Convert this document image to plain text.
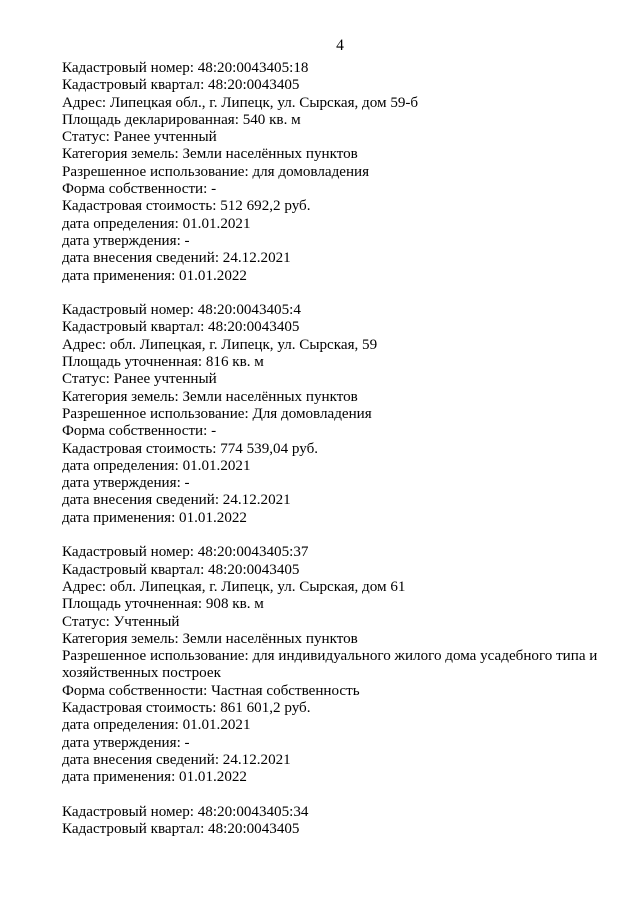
4
Кадастровый номер: 48:20:0043405:18
Кадастровый квартал: 48:20:0043405
Адрес: Липецкая обл., г. Липецк, ул. Сырская, дом 59-б
Площадь декларированная: 540 кв. м
Статус: Ранее учтенный
Категория земель: Земли населённых пунктов
Разрешенное использование: для домовладения
Форма собственности: -
Кадастровая стоимость: 512 692,2 руб.
дата определения: 01.01.2021
дата утверждения: -
дата внесения сведений: 24.12.2021
дата применения: 01.01.2022
Кадастровый номер: 48:20:0043405:4
Кадастровый квартал: 48:20:0043405
Адрес: обл. Липецкая, г. Липецк, ул. Сырская, 59
Площадь уточненная: 816 кв. м
Статус: Ранее учтенный
Категория земель: Земли населённых пунктов
Разрешенное использование: Для домовладения
Форма собственности: -
Кадастровая стоимость: 774 539,04 руб.
дата определения: 01.01.2021
дата утверждения: -
дата внесения сведений: 24.12.2021
дата применения: 01.01.2022
Кадастровый номер: 48:20:0043405:37
Кадастровый квартал: 48:20:0043405
Адрес: обл. Липецкая, г. Липецк, ул. Сырская, дом 61
Площадь уточненная: 908 кв. м
Статус: Учтенный
Категория земель: Земли населённых пунктов
Разрешенное использование: для индивидуального жилого дома усадебного типа и хозяйственных построек
Форма собственности: Частная собственность
Кадастровая стоимость: 861 601,2 руб.
дата определения: 01.01.2021
дата утверждения: -
дата внесения сведений: 24.12.2021
дата применения: 01.01.2022
Кадастровый номер: 48:20:0043405:34
Кадастровый квартал: 48:20:0043405
